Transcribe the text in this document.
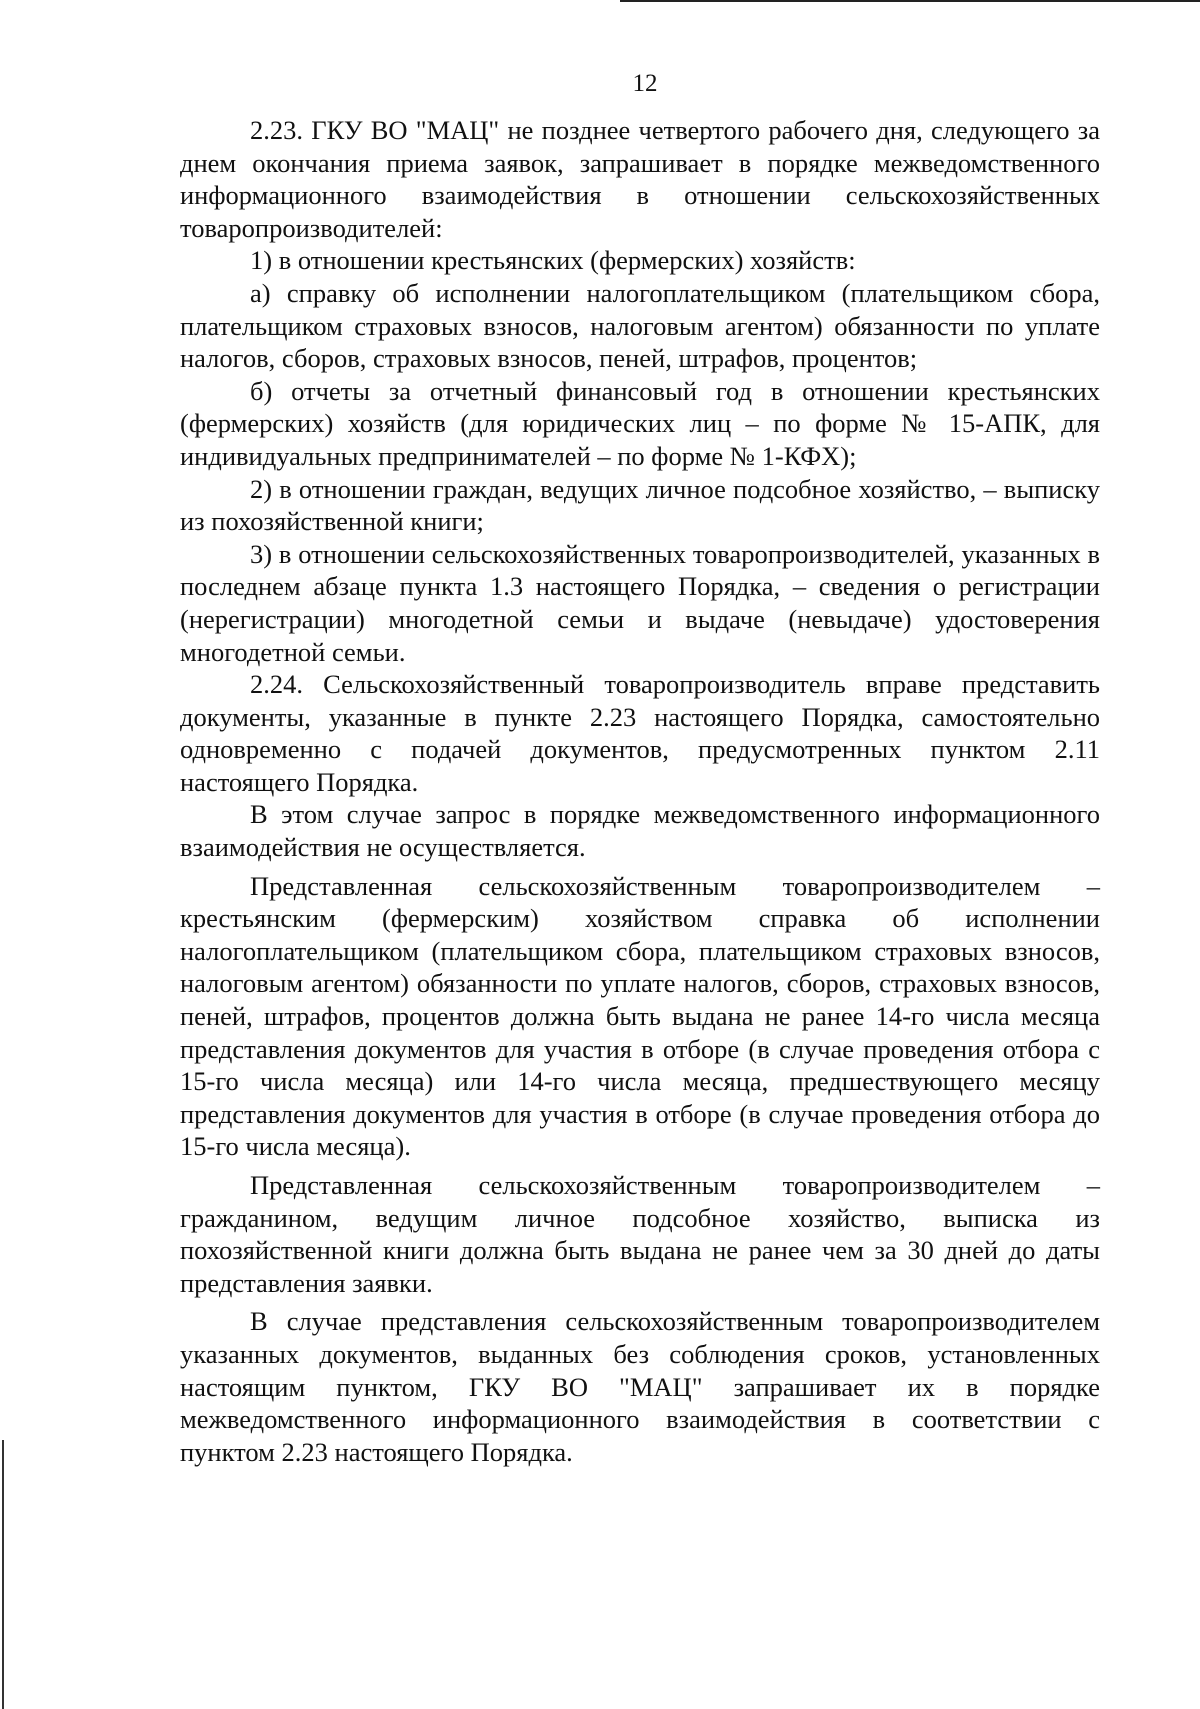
12

2.23. ГКУ ВО "МАЦ" не позднее четвертого рабочего дня, следующего за днем окончания приема заявок, запрашивает в порядке межведомственного информационного взаимодействия в отношении сельскохозяйственных товаропроизводителей:

1) в отношении крестьянских (фермерских) хозяйств:

а) справку об исполнении налогоплательщиком (плательщиком сбора, плательщиком страховых взносов, налоговым агентом) обязанности по уплате налогов, сборов, страховых взносов, пеней, штрафов, процентов;

б) отчеты за отчетный финансовый год в отношении крестьянских (фермерских) хозяйств (для юридических лиц – по форме № 15-АПК, для индивидуальных предпринимателей – по форме № 1-КФХ);

2) в отношении граждан, ведущих личное подсобное хозяйство, – выписку из похозяйственной книги;

3) в отношении сельскохозяйственных товаропроизводителей, указанных в последнем абзаце пункта 1.3 настоящего Порядка, – сведения о регистрации (нерегистрации) многодетной семьи и выдаче (невыдаче) удостоверения многодетной семьи.

2.24. Сельскохозяйственный товаропроизводитель вправе представить документы, указанные в пункте 2.23 настоящего Порядка, самостоятельно одновременно с подачей документов, предусмотренных пунктом 2.11 настоящего Порядка.

В этом случае запрос в порядке межведомственного информационного взаимодействия не осуществляется.

Представленная сельскохозяйственным товаропроизводителем – крестьянским (фермерским) хозяйством справка об исполнении налогоплательщиком (плательщиком сбора, плательщиком страховых взносов, налоговым агентом) обязанности по уплате налогов, сборов, страховых взносов, пеней, штрафов, процентов должна быть выдана не ранее 14-го числа месяца представления документов для участия в отборе (в случае проведения отбора с 15-го числа месяца) или 14-го числа месяца, предшествующего месяцу представления документов для участия в отборе (в случае проведения отбора до 15-го числа месяца).

Представленная сельскохозяйственным товаропроизводителем – гражданином, ведущим личное подсобное хозяйство, выписка из похозяйственной книги должна быть выдана не ранее чем за 30 дней до даты представления заявки.

В случае представления сельскохозяйственным товаропроизводителем указанных документов, выданных без соблюдения сроков, установленных настоящим пунктом, ГКУ ВО "МАЦ" запрашивает их в порядке межведомственного информационного взаимодействия в соответствии с пунктом 2.23 настоящего Порядка.
